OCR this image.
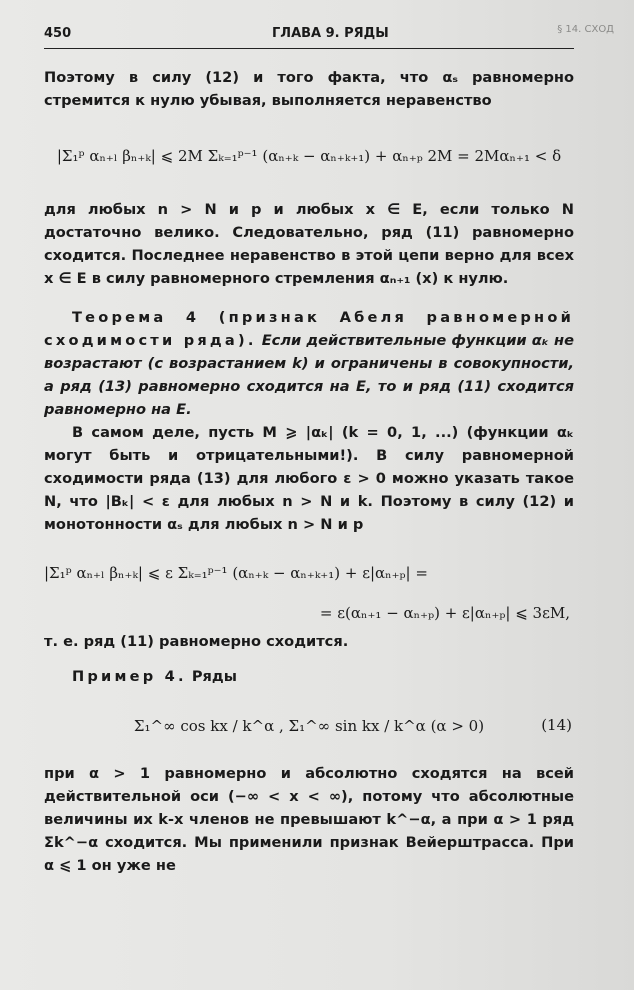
450	ГЛАВА 9. РЯДЫ	§ 14. СХОД

Поэтому в силу (12) и того факта, что αₛ равномерно стремится к нулю убывая, выполняется неравенство

|Σ₁ᵖ αₙ₊ₗ βₙ₊ₖ| ⩽ 2M Σₖ₌₁ᵖ⁻¹ (αₙ₊ₖ − αₙ₊ₖ₊₁) + αₙ₊ₚ 2M = 2Mαₙ₊₁ < δ

для любых n > N и p и любых x ∈ E, если только N достаточно велико. Следовательно, ряд (11) равномерно сходится. Последнее неравенство в этой цепи верно для всех x ∈ E в силу равномерного стремления αₙ₊₁ (x) к нулю.

Теорема 4 (признак Абеля равномерной сходимости ряда). Если действительные функции αₖ не возрастают (с возрастанием k) и ограничены в совокупности, а ряд (13) равномерно сходится на E, то и ряд (11) сходится равномерно на E.

В самом деле, пусть M ⩾ |αₖ| (k = 0, 1, ...) (функции αₖ могут быть и отрицательными!). В силу равномерной сходимости ряда (13) для любого ε > 0 можно указать такое N, что |Bₖ| < ε для любых n > N и k. Поэтому в силу (12) и монотонности αₛ для любых n > N и p

|Σ₁ᵖ αₙ₊ₗ βₙ₊ₖ| ⩽ ε Σₖ₌₁ᵖ⁻¹ (αₙ₊ₖ − αₙ₊ₖ₊₁) + ε|αₙ₊ₚ| =
= ε(αₙ₊₁ − αₙ₊ₚ) + ε|αₙ₊ₚ| ⩽ 3εM,

т. е. ряд (11) равномерно сходится.

Пример 4. Ряды

Σ₁^∞ cos kx / k^α , Σ₁^∞ sin kx / k^α (α > 0)	(14)

при α > 1 равномерно и абсолютно сходятся на всей действительной оси (−∞ < x < ∞), потому что абсолютные величины их k-x членов не превышают k^−α, а при α > 1 ряд Σk^−α сходится. Мы применили признак Вейерштрасса. При α ⩽ 1 он уже не
